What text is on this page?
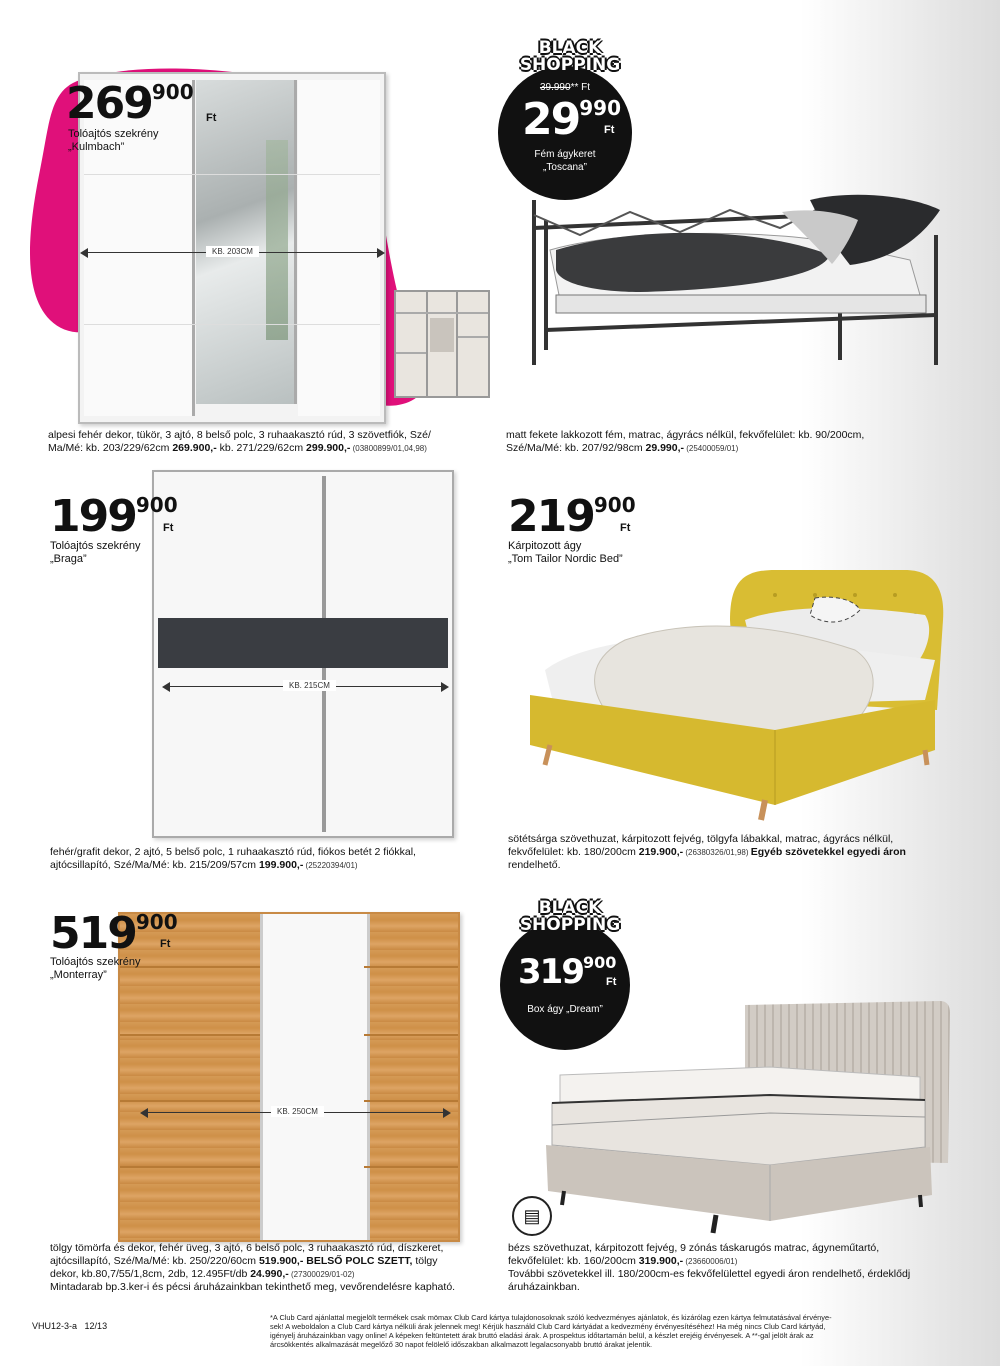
KB. 203CM
269900
Ft
Tolóajtós szekrény
„Kulmbach”
alpesi fehér dekor, tükör, 3 ajtó, 8 belső polc, 3 ruhaakasztó rúd, 3 szövetfiók, Szé/
Ma/Mé: kb. 203/229/62cm 269.900,- kb. 271/229/62cm 299.900,- (03800899/01,04,98)
BLACK
SHOPPING
39.990** Ft
29990
Ft
Fém ágykeret
„Toscana”
matt fekete lakkozott fém, matrac, ágyrács nélkül, fekvőfelület: kb. 90/200cm,
Szé/Ma/Mé: kb. 207/92/98cm 29.990,- (25400059/01)
KB. 215CM
199900
Ft
Tolóajtós szekrény
„Braga”
fehér/grafit dekor, 2 ajtó, 5 belső polc, 1 ruhaakasztó rúd, fiókos betét 2 fiókkal,
ajtócsillapító, Szé/Ma/Mé: kb. 215/209/57cm 199.900,- (25220394/01)
219900
Ft
Kárpitozott ágy
„Tom Tailor Nordic Bed”
sötétsárga szövethuzat, kárpitozott fejvég, tölgyfa lábakkal, matrac, ágyrács nélkül,
fekvőfelület: kb. 180/200cm 219.900,- (26380326/01,98) Egyéb szövetekkel egyedi áron
rendelhető.
KB. 250CM
519900
Ft
Tolóajtós szekrény
„Monterray”
tölgy tömörfa és dekor, fehér üveg, 3 ajtó, 6 belső polc, 3 ruhaakasztó rúd, díszkeret,
ajtócsillapító, Szé/Ma/Mé: kb. 250/220/60cm 519.900,- BELSŐ POLC SZETT, tölgy
dekor, kb.80,7/55/1,8cm, 2db, 12.495Ft/db 24.990,- (27300029/01-02)
Mintadarab bp.3.ker-i és pécsi áruházainkban tekinthető meg, vevőrendelésre kapható.
BLACK
SHOPPING
319900
Ft
Box ágy „Dream”
▤
bézs szövethuzat, kárpitozott fejvég, 9 zónás táskarugós matrac, ágyneműtartó,
fekvőfelület: kb. 160/200cm 319.900,- (23660006/01)
További szövetekkel ill. 180/200cm-es fekvőfelülettel egyedi áron rendelhető, érdeklődj
áruházainkban.
VHU12-3-a 12/13
*A Club Card ajánlattal megjelölt termékek csak mömax Club Card kártya tulajdonosoknak szóló kedvezményes ajánlatok, és kizárólag ezen kártya felmutatásával érvénye-
sek! A weboldalon a Club Card kártya nélküli árak jelennek meg! Kérjük használd Club Card kártyádat a kedvezmény érvényesítéséhez! Ha még nincs Club Card kártyád,
igényelj áruházainkban vagy online! A képeken feltüntetett árak bruttó eladási árak. A prospektus időtartamán belül, a készlet erejéig érvényesek. A **-gal jelölt árak az
árcsökkentés alkalmazását megelőző 30 napot felölelő időszakban alkalmazott legalacsonyabb bruttó árakat jelentik.
